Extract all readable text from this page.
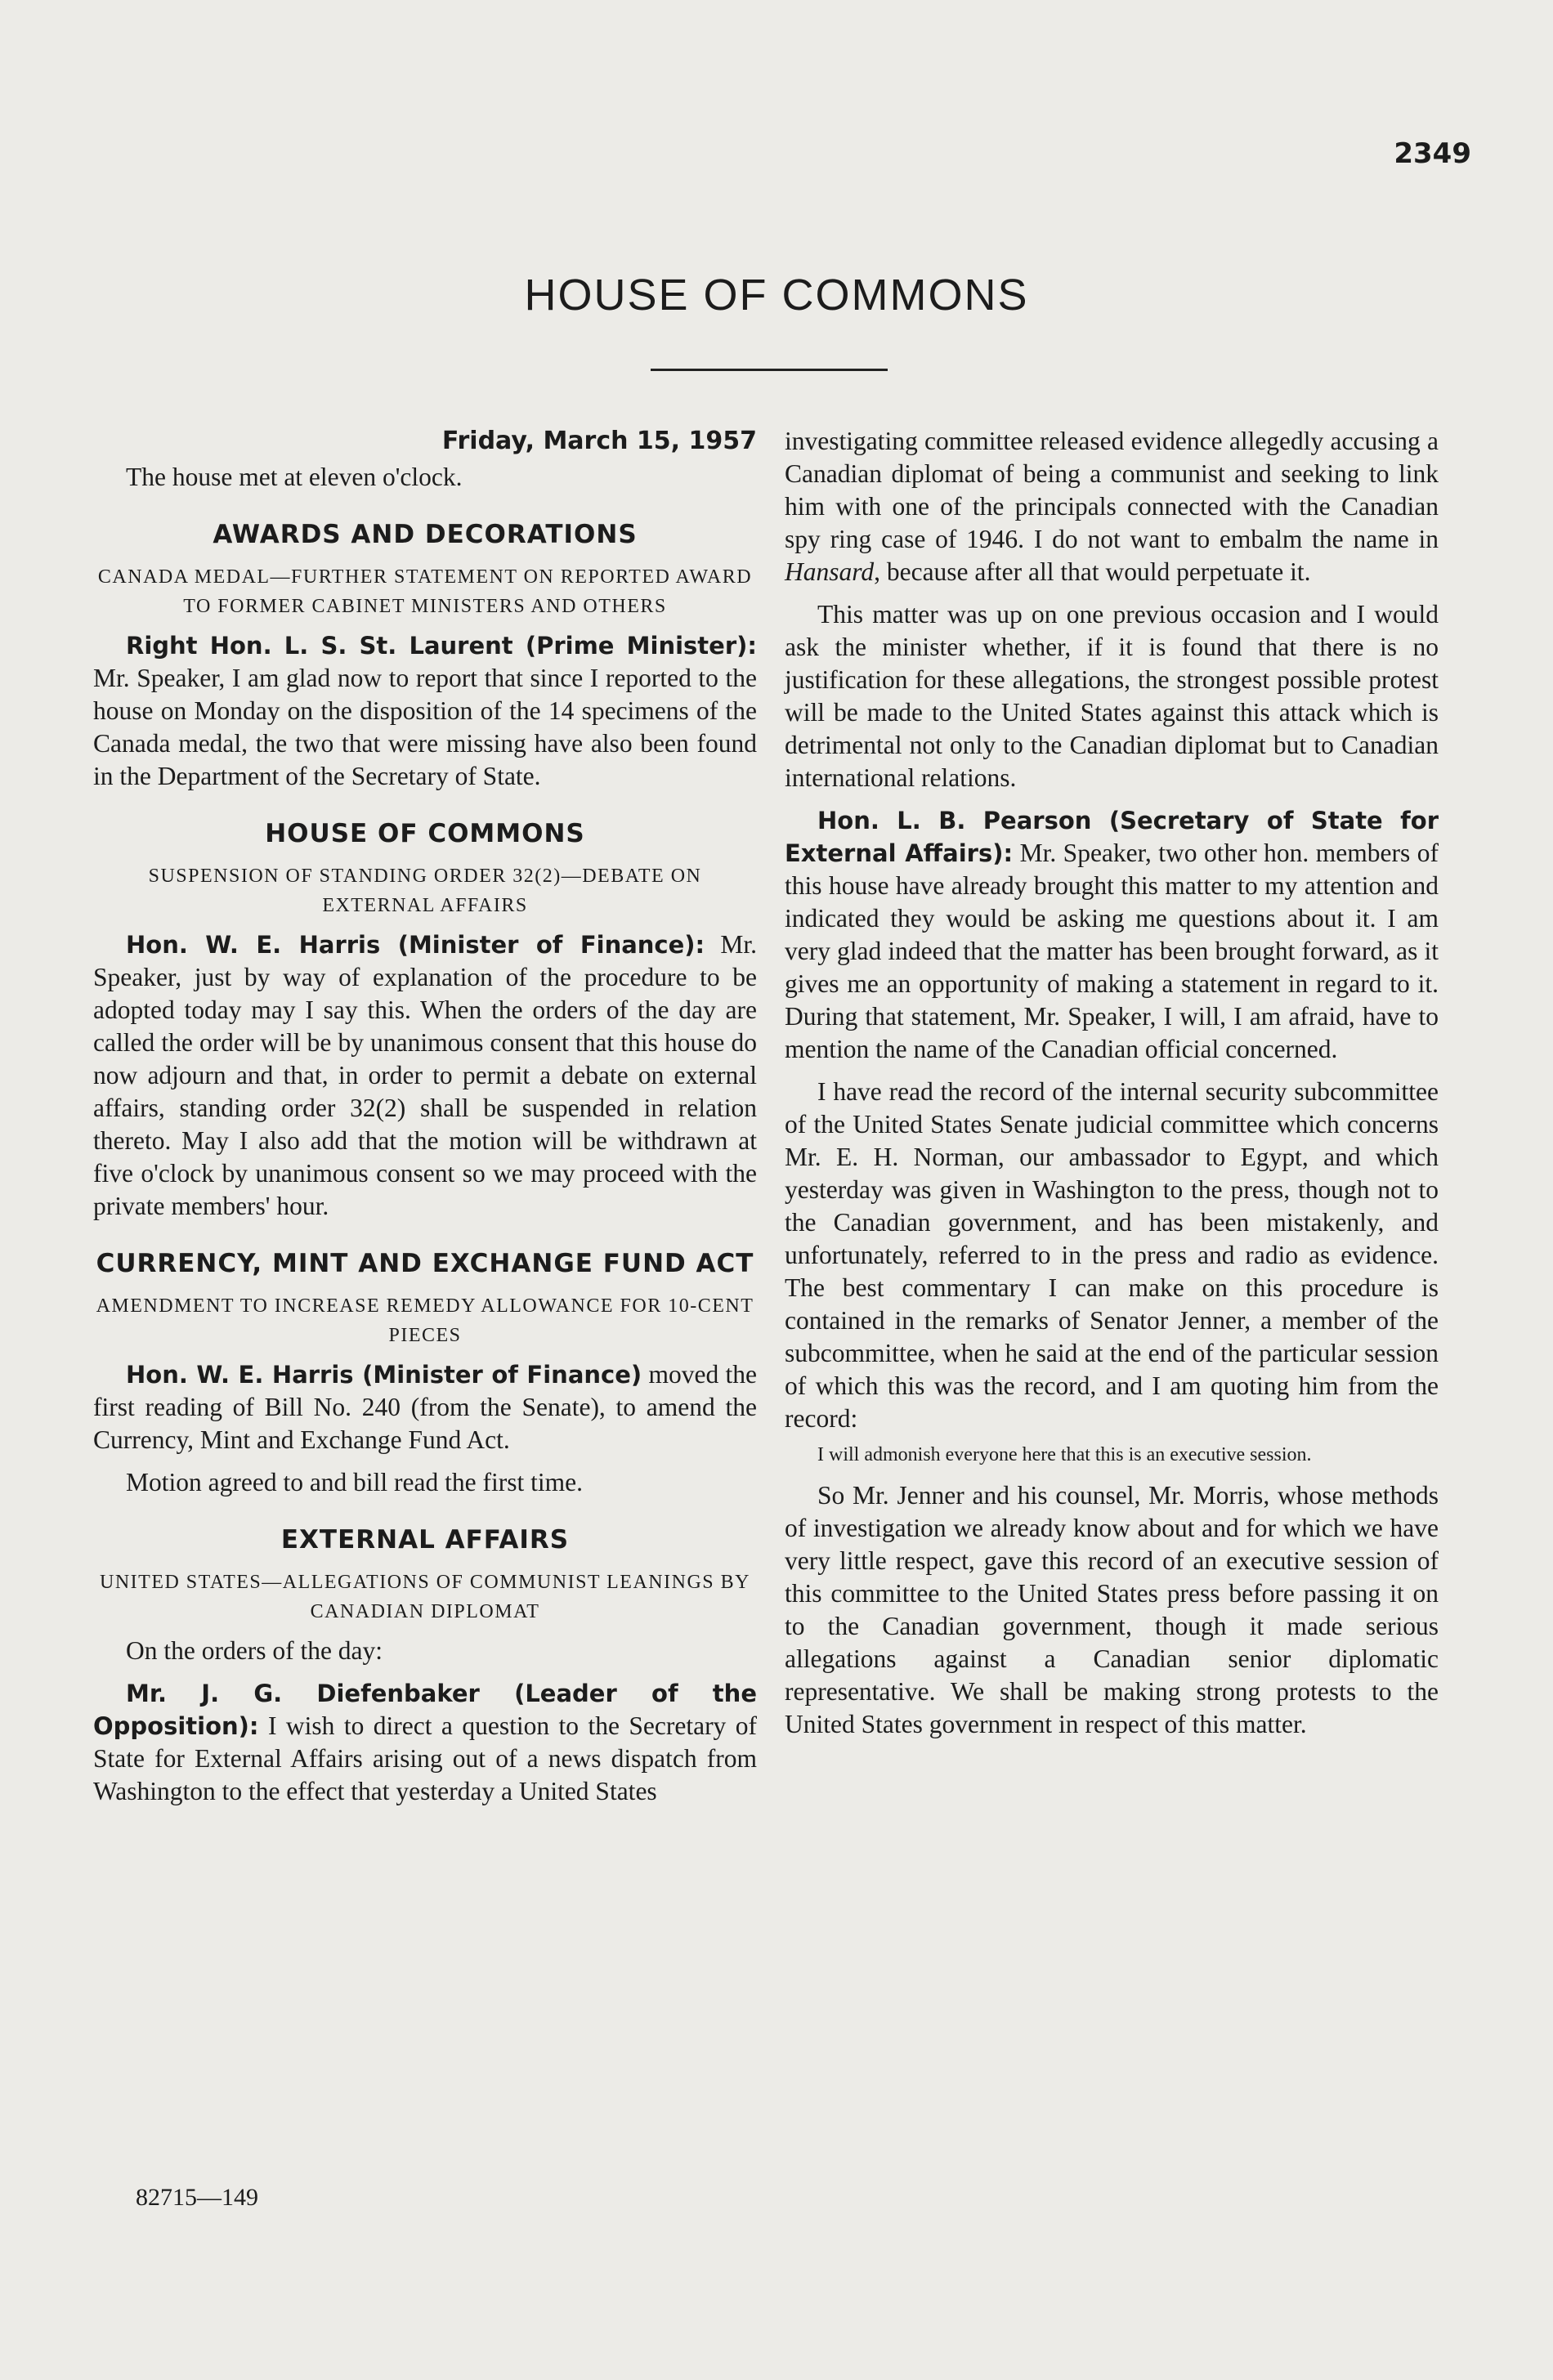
2349
HOUSE OF COMMONS

Friday, March 15, 1957

The house met at eleven o'clock.

AWARDS AND DECORATIONS
CANADA MEDAL—FURTHER STATEMENT ON REPORTED AWARD TO FORMER CABINET MINISTERS AND OTHERS

Right Hon. L. S. St. Laurent (Prime Minister): Mr. Speaker, I am glad now to report that since I reported to the house on Monday on the disposition of the 14 specimens of the Canada medal, the two that were missing have also been found in the Department of the Secretary of State.

HOUSE OF COMMONS
SUSPENSION OF STANDING ORDER 32(2)—DEBATE ON EXTERNAL AFFAIRS

Hon. W. E. Harris (Minister of Finance): Mr. Speaker, just by way of explanation of the procedure to be adopted today may I say this. When the orders of the day are called the order will be by unanimous consent that this house do now adjourn and that, in order to permit a debate on external affairs, standing order 32(2) shall be suspended in relation thereto. May I also add that the motion will be withdrawn at five o'clock by unanimous consent so we may proceed with the private members' hour.

CURRENCY, MINT AND EXCHANGE FUND ACT
AMENDMENT TO INCREASE REMEDY ALLOWANCE FOR 10-CENT PIECES

Hon. W. E. Harris (Minister of Finance) moved the first reading of Bill No. 240 (from the Senate), to amend the Currency, Mint and Exchange Fund Act.

Motion agreed to and bill read the first time.

EXTERNAL AFFAIRS
UNITED STATES—ALLEGATIONS OF COMMUNIST LEANINGS BY CANADIAN DIPLOMAT

On the orders of the day:

Mr. J. G. Diefenbaker (Leader of the Opposition): I wish to direct a question to the Secretary of State for External Affairs arising out of a news dispatch from Washington to the effect that yesterday a United States

investigating committee released evidence allegedly accusing a Canadian diplomat of being a communist and seeking to link him with one of the principals connected with the Canadian spy ring case of 1946. I do not want to embalm the name in Hansard, because after all that would perpetuate it.

This matter was up on one previous occasion and I would ask the minister whether, if it is found that there is no justification for these allegations, the strongest possible protest will be made to the United States against this attack which is detrimental not only to the Canadian diplomat but to Canadian international relations.

Hon. L. B. Pearson (Secretary of State for External Affairs): Mr. Speaker, two other hon. members of this house have already brought this matter to my attention and indicated they would be asking me questions about it. I am very glad indeed that the matter has been brought forward, as it gives me an opportunity of making a statement in regard to it. During that statement, Mr. Speaker, I will, I am afraid, have to mention the name of the Canadian official concerned.

I have read the record of the internal security subcommittee of the United States Senate judicial committee which concerns Mr. E. H. Norman, our ambassador to Egypt, and which yesterday was given in Washington to the press, though not to the Canadian government, and has been mistakenly, and unfortunately, referred to in the press and radio as evidence. The best commentary I can make on this procedure is contained in the remarks of Senator Jenner, a member of the subcommittee, when he said at the end of the particular session of which this was the record, and I am quoting him from the record:

I will admonish everyone here that this is an executive session.

So Mr. Jenner and his counsel, Mr. Morris, whose methods of investigation we already know about and for which we have very little respect, gave this record of an executive session of this committee to the United States press before passing it on to the Canadian government, though it made serious allegations against a Canadian senior diplomatic representative. We shall be making strong protests to the United States government in respect of this matter.

82715—149
